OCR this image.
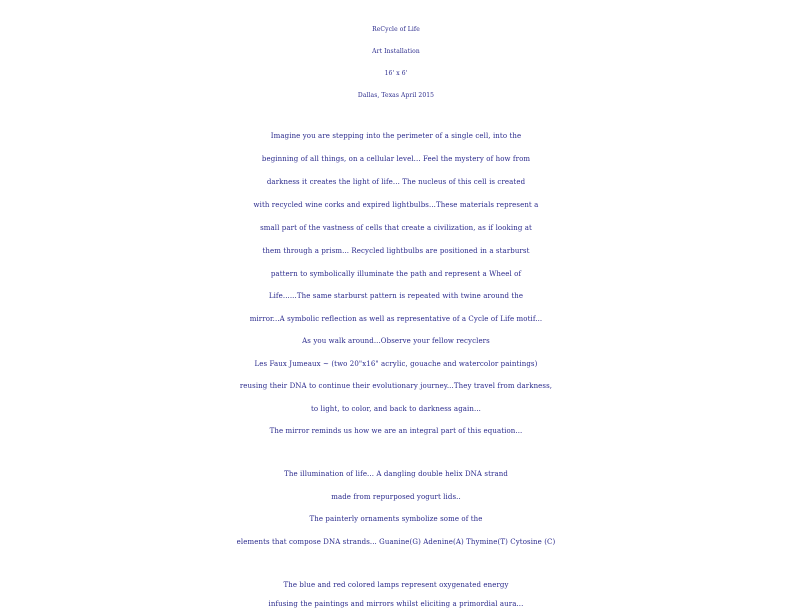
ReCycle of Life
Art Installation
16' x 6'
Dallas, Texas April 2015
Imagine you are stepping into the perimeter of a single cell, into the
beginning of all things, on a cellular level... Feel the mystery of how from
darkness it creates the light of life... The nucleus of this cell is created
with recycled wine corks and expired lightbulbs...These materials represent a
small part of the vastness of cells that create a civilization, as if looking at
them through a prism... Recycled lightbulbs are positioned in a starburst
pattern to symbolically illuminate the path and represent a Wheel of
Life......The same starburst pattern is repeated with twine around the
mirror...A symbolic reflection as well as representative of a Cycle of Life motif...
As you walk around...Observe your fellow recyclers
Les Faux Jumeaux ~ (two 20"x16" acrylic, gouache and watercolor paintings)
reusing their DNA to continue their evolutionary journey...They travel from darkness,
to light, to color, and back to darkness again...
The mirror reminds us how we are an integral part of this equation...
The illumination of life... A dangling double helix DNA strand
made from repurposed yogurt lids..
The painterly ornaments symbolize some of the
elements that compose DNA strands... Guanine(G) Adenine(A) Thymine(T) Cytosine (C)
The blue and red colored lamps represent oxygenated energy
infusing the paintings and mirrors whilst eliciting a primordial aura...
